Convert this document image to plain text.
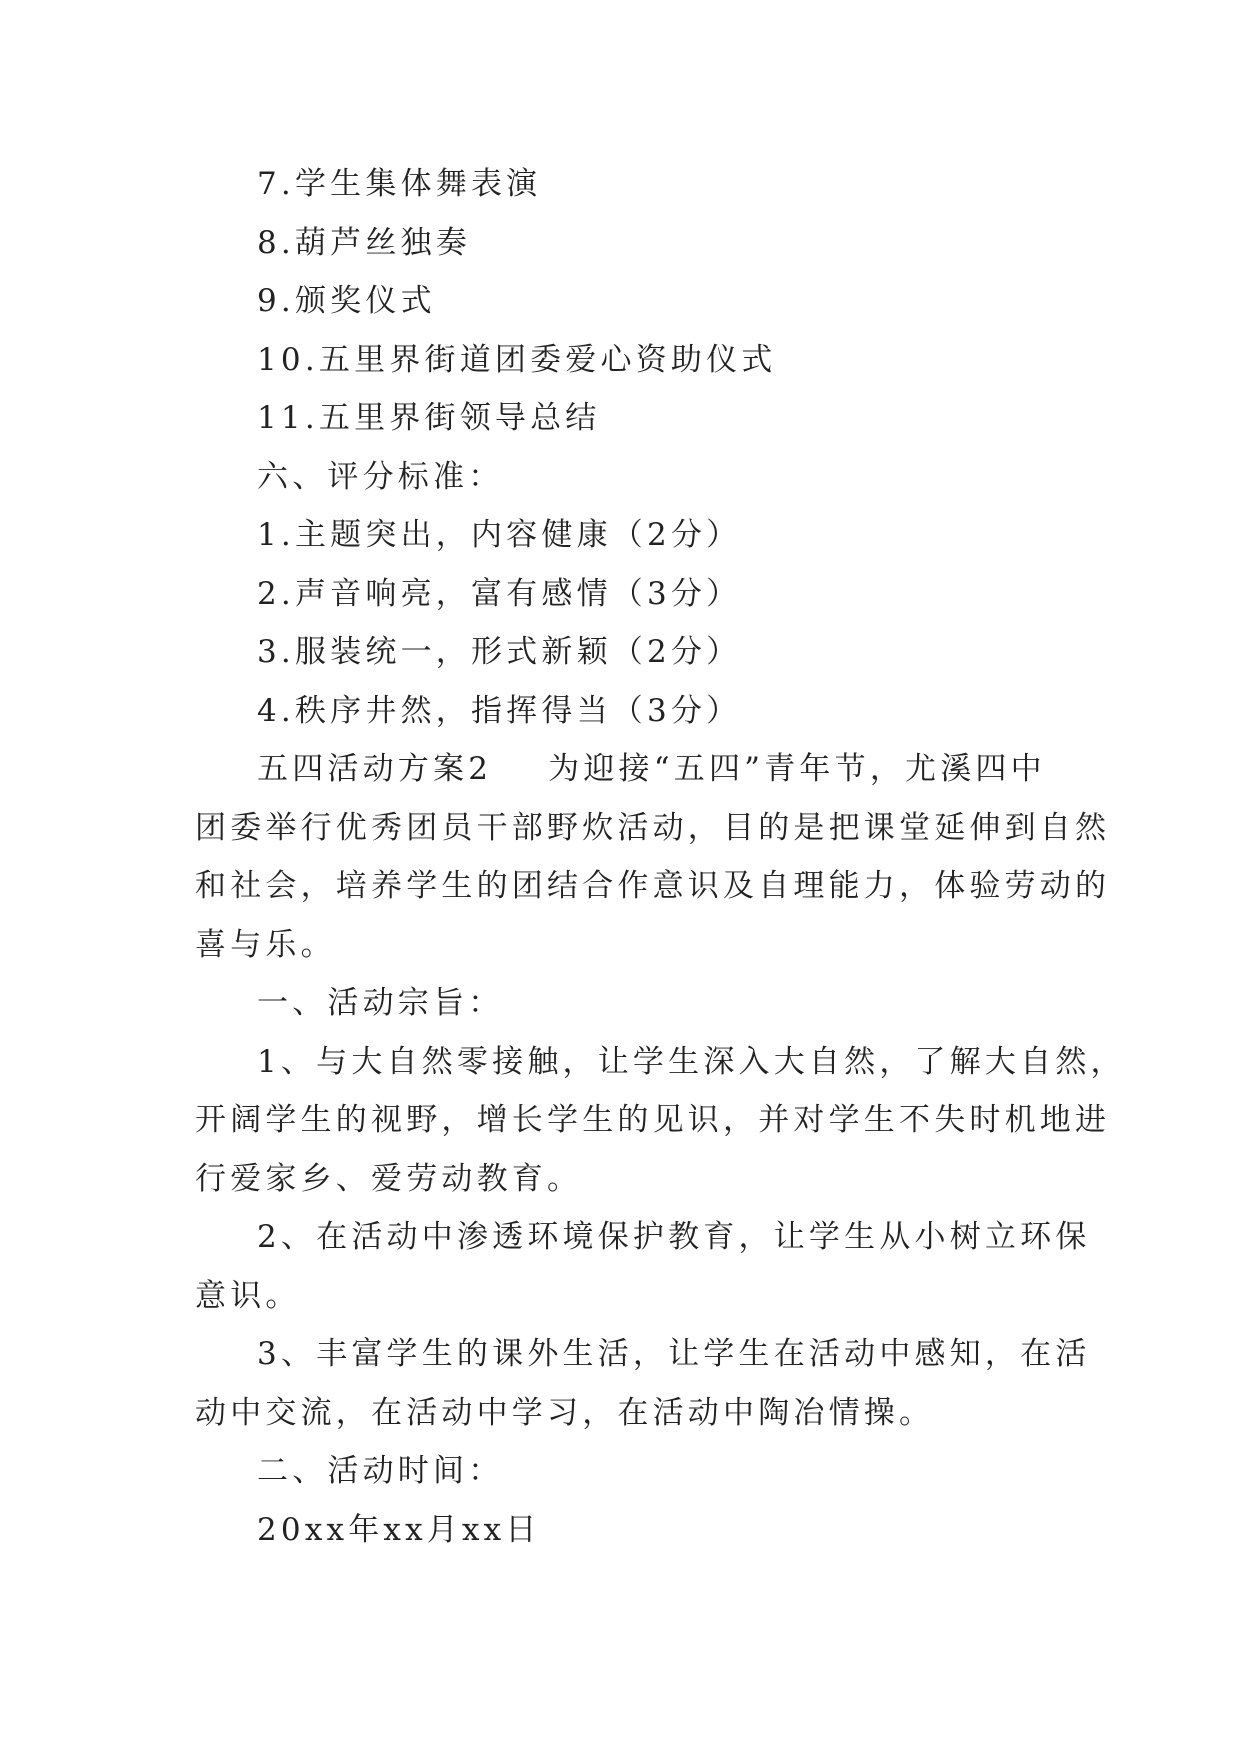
7.学生集体舞表演
8.葫芦丝独奏
9.颁奖仪式
10.五里界街道团委爱心资助仪式
11.五里界街领导总结
六、评分标准：
1.主题突出，内容健康（2分）
2.声音响亮，富有感情（3分）
3.服装统一，形式新颖（2分）
4.秩序井然，指挥得当（3分）
五四活动方案2 为迎接“五四”青年节，尤溪四中
团委举行优秀团员干部野炊活动，目的是把课堂延伸到自然
和社会，培养学生的团结合作意识及自理能力，体验劳动的
喜与乐。
一、活动宗旨：
1、与大自然零接触，让学生深入大自然，了解大自然，
开阔学生的视野，增长学生的见识，并对学生不失时机地进
行爱家乡、爱劳动教育。
2、在活动中渗透环境保护教育，让学生从小树立环保
意识。
3、丰富学生的课外生活，让学生在活动中感知，在活
动中交流，在活动中学习，在活动中陶冶情操。
二、活动时间：
20xx年xx月xx日
